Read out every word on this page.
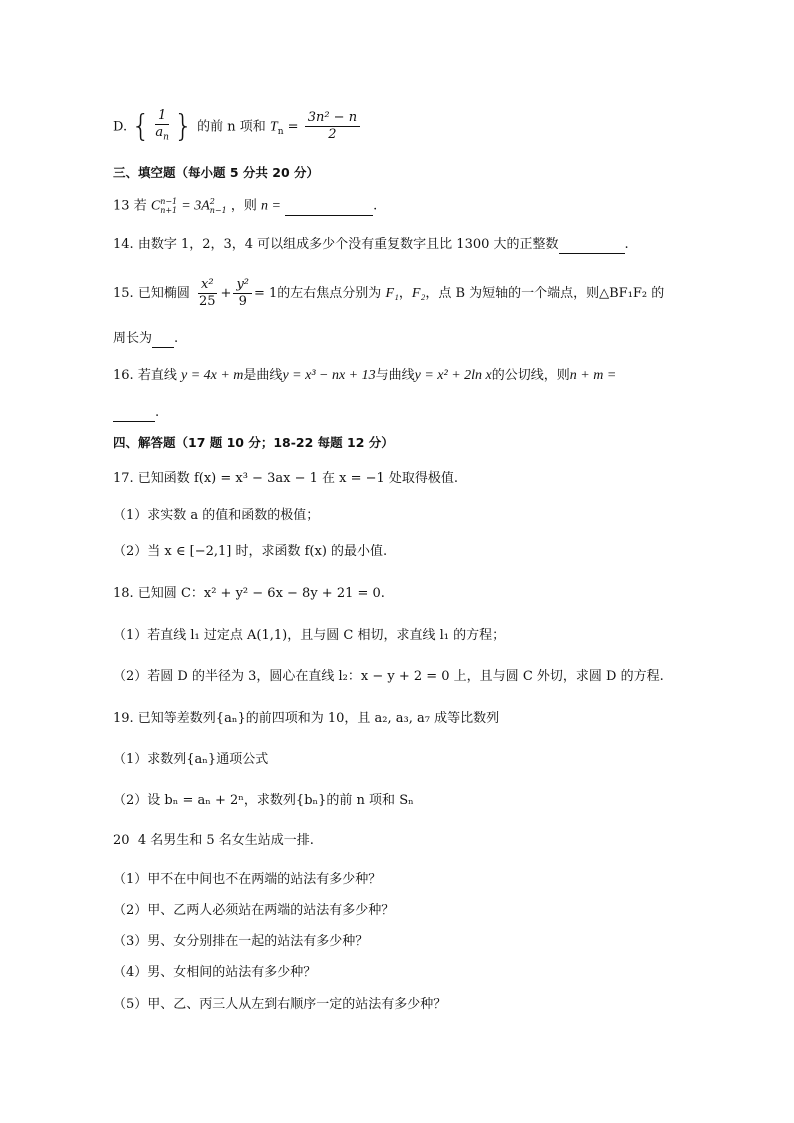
D. { $\frac{1}{a_n}$ } 的前 n 项和 $T_n = \frac{\text{3n² − n}}{2}$
三、填空题（每小题 5 分共 20 分）
13 若 C n−1
n+1 = 3A 2
n−1 ，则 n =	.
14. 由数字 1，2，3，4 可以组成多少个没有重复数字且比 1300 大的正整数	.
15. 已知椭圆 $\frac{\text{x²}}{25} + \frac{\text{y²}}{9} = 1$的左右焦点分别为 F₁，F₂，点 B 为短轴的一个端点，则△BF₁F₂ 的
周长为 .
16. 若直线 y = 4x + m是曲线y = x³ − nx + 13与曲线y = x² + 2ln x的公切线，则n + m =
.
四、解答题（17 题 10 分；18-22 每题 12 分）
17. 已知函数 f(x) = x³ − 3ax − 1 在 x = −1 处取得极值.
（1）求实数 a 的值和函数的极值；
（2）当 x ∈ [−2,1] 时，求函数 f(x) 的最小值.
18. 已知圆 C：x² + y² − 6x − 8y + 21 = 0.
（1）若直线 l₁ 过定点 A(1,1)，且与圆 C 相切，求直线 l₁ 的方程；
（2）若圆 D 的半径为 3，圆心在直线 l₂：x − y + 2 = 0 上，且与圆 C 外切，求圆 D 的方程.
19. 已知等差数列{aₙ}的前四项和为 10，且 a₂, a₃, a₇ 成等比数列
（1）求数列{aₙ}通项公式
（2）设 bₙ = aₙ + 2ⁿ，求数列{bₙ}的前 n 项和 Sₙ
20 4 名男生和 5 名女生站成一排.
（1）甲不在中间也不在两端的站法有多少种？
（2）甲、乙两人必须站在两端的站法有多少种？
（3）男、女分别排在一起的站法有多少种？
（4）男、女相间的站法有多少种？
（5）甲、乙、丙三人从左到右顺序一定的站法有多少种？
